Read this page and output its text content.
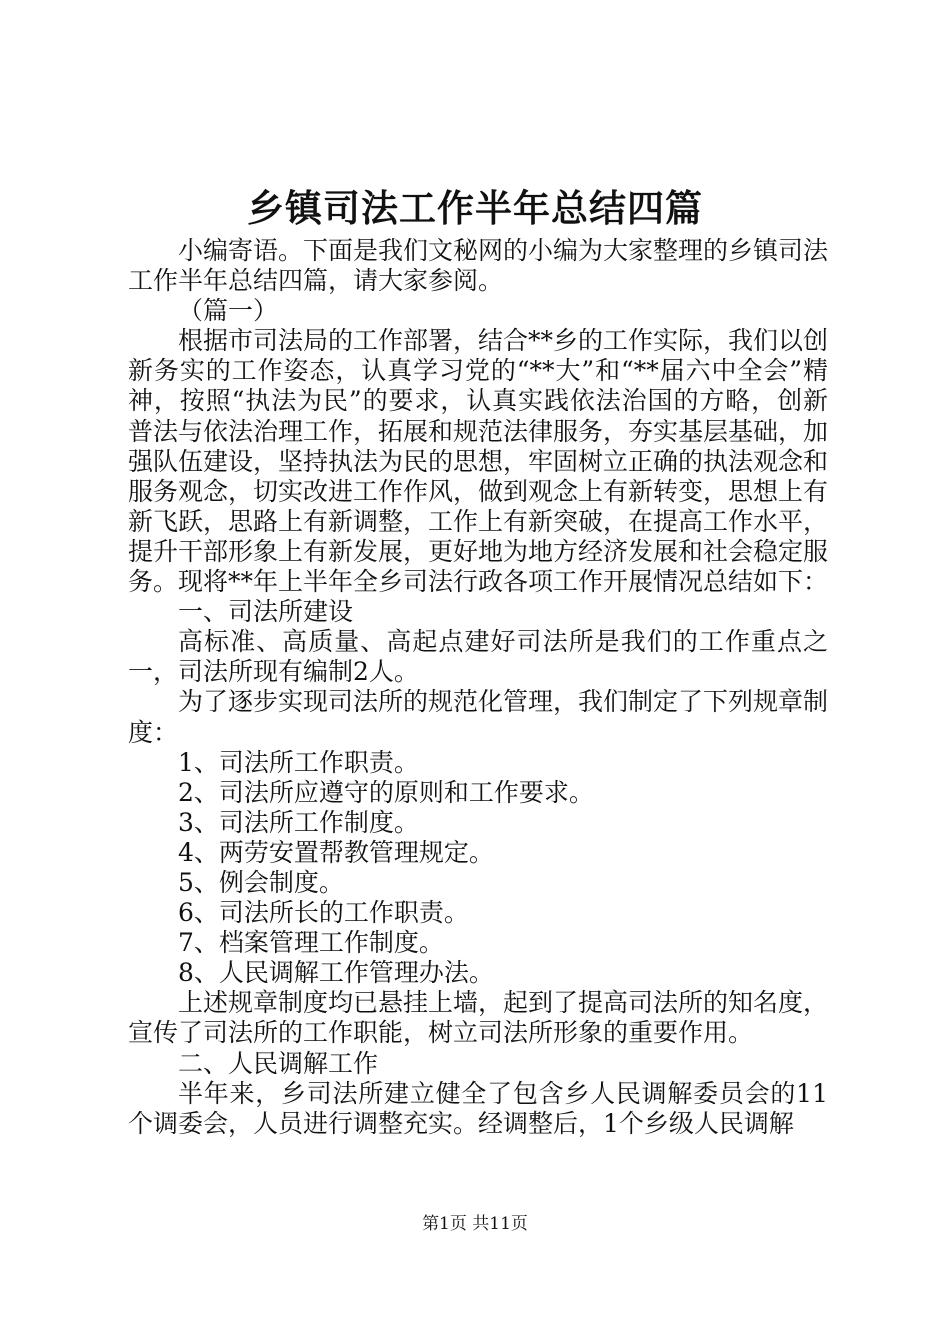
乡镇司法工作半年总结四篇

小编寄语。下面是我们文秘网的小编为大家整理的乡镇司法工作半年总结四篇，请大家参阅。

（篇一）

根据市司法局的工作部署，结合**乡的工作实际，我们以创新务实的工作姿态，认真学习党的“**大”和“**届六中全会”精神，按照“执法为民”的要求，认真实践依法治国的方略，创新普法与依法治理工作，拓展和规范法律服务，夯实基层基础，加强队伍建设，坚持执法为民的思想，牢固树立正确的执法观念和服务观念，切实改进工作作风，做到观念上有新转变，思想上有新飞跃，思路上有新调整，工作上有新突破，在提高工作水平，提升干部形象上有新发展，更好地为地方经济发展和社会稳定服务。现将**年上半年全乡司法行政各项工作开展情况总结如下：

一、司法所建设

高标准、高质量、高起点建好司法所是我们的工作重点之一，司法所现有编制2人。

为了逐步实现司法所的规范化管理，我们制定了下列规章制度：

1、司法所工作职责。

2、司法所应遵守的原则和工作要求。

3、司法所工作制度。

4、两劳安置帮教管理规定。

5、例会制度。

6、司法所长的工作职责。

7、档案管理工作制度。

8、人民调解工作管理办法。

上述规章制度均已悬挂上墙，起到了提高司法所的知名度，宣传了司法所的工作职能，树立司法所形象的重要作用。

二、人民调解工作

半年来，乡司法所建立健全了包含乡人民调解委员会的11个调委会，人员进行调整充实。经调整后，1个乡级人民调解

第1页 共11页
